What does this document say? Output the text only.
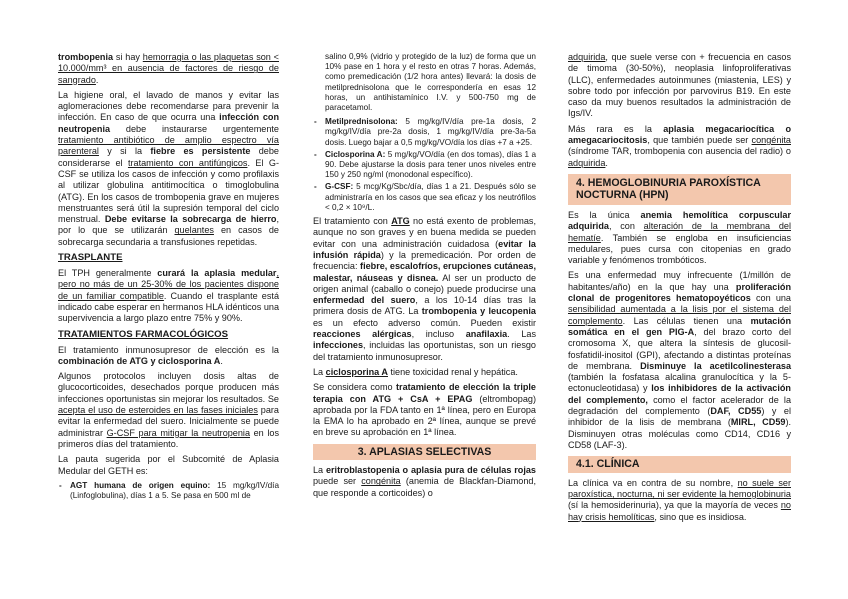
trombopenia si hay hemorragia o las plaquetas son < 10.000/mm³ en ausencia de factores de riesgo de sangrado.

La higiene oral, el lavado de manos y evitar las aglomeraciones debe recomendarse para prevenir la infección. En caso de que ocurra una infección con neutropenia debe instaurarse urgentemente tratamiento antibiótico de amplio espectro vía parenteral y si la fiebre es persistente debe considerarse el tratamiento con antifúngicos. El G-CSF se utiliza los casos de infección y como profilaxis al utilizar globulina antitimocítica o timoglobulina (ATG). En los casos de trombopenia grave en mujeres menstruantes será útil la supresión temporal del ciclo menstrual. Debe evitarse la sobrecarga de hierro, por lo que se utilizarán quelantes en casos de sobrecarga secundaria a transfusiones repetidas.

TRASPLANTE

El TPH generalmente curará la aplasia medular, pero no más de un 25-30% de los pacientes dispone de un familiar compatible. Cuando el trasplante está indicado cabe esperar en hermanos HLA idénticos una supervivencia a largo plazo entre 75% y 90%.

TRATAMIENTOS FARMACOLÓGICOS

El tratamiento inmunosupresor de elección es la combinación de ATG y ciclosporina A.

Algunos protocolos incluyen dosis altas de glucocorticoides, desechados porque producen más infecciones oportunistas sin mejorar los resultados. Se acepta el uso de esteroides en las fases iniciales para evitar la enfermedad del suero. Inicialmente se puede administrar G-CSF para mitigar la neutropenia en los primeros días del tratamiento.

La pauta sugerida por el Subcomité de Aplasia Medular del GETH es:

- AGT humana de origen equino: 15 mg/kg/IV/día (Linfoglobulina), días 1 a 5. Se pasa en 500 ml de

salino 0,9% (vidrio y protegido de la luz) de forma que un 10% pase en 1 hora y el resto en otras 7 horas. Además, como premedicación (1/2 hora antes) llevará: la dosis de metilprednisolona que le correspondería en esas 12 horas, un antihistamínico I.V. y 500-750 mg de paracetamol.

- Metilprednisolona: 5 mg/kg/IV/día pre-1a dosis, 2 mg/kg/IV/día pre-2a dosis, 1 mg/kg/IV/día pre-3a-5a dosis. Luego bajar a 0,5 mg/kg/VO/día los días +7 a +25.
- Ciclosporina A: 5 mg/kg/VO/día (en dos tomas), días 1 a 90. Debe ajustarse la dosis para tener unos niveles entre 150 y 250 ng/ml (monodonal específico).
- G-CSF: 5 mcg/Kg/Sbc/día, días 1 a 21. Después sólo se administraría en los casos que sea eficaz y los neutrófilos < 0,2 × 10⁹/L.

El tratamiento con ATG no está exento de problemas, aunque no son graves y en buena medida se pueden evitar con una administración cuidadosa (evitar la infusión rápida) y la premedicación. Por orden de frecuencia: fiebre, escalofríos, erupciones cutáneas, malestar, náuseas y disnea. Al ser un producto de origen animal (caballo o conejo) puede producirse una enfermedad del suero, a los 10-14 días tras la primera dosis de ATG. La trombopenia y leucopenia es un efecto adverso común. Pueden existir reacciones alérgicas, incluso anafilaxia. Las infecciones, incluidas las oportunistas, son un riesgo del tratamiento inmunosupresor.

La ciclosporina A tiene toxicidad renal y hepática.

Se considera como tratamiento de elección la triple terapia con ATG + CsA + EPAG (eltrombopag) aprobada por la FDA tanto en 1ª línea, pero en Europa la EMA lo ha aprobado en 2ª línea, aunque se prevé en breve su aprobación en 1ª línea.

3. APLASIAS SELECTIVAS

La eritroblastopenia o aplasia pura de células rojas puede ser congénita (anemia de Blackfan-Diamond, que responde a corticoides) o

adquirida, que suele verse con + frecuencia en casos de timoma (30-50%), neoplasia linfoproliferativas (LLC), enfermedades autoinmunes (miastenia, LES) y sobre todo por infección por parvovirus B19. En este caso da muy buenos resultados la administración de Igs/IV.

Más rara es la aplasia megacariocítica o amegacariocitosis, que también puede ser congénita (síndrome TAR, trombopenia con ausencia del radio) o adquirida.

4. HEMOGLOBINURIA PAROXÍSTICA NOCTURNA (HPN)

Es la única anemia hemolítica corpuscular adquirida, con alteración de la membrana del hematíe. También se engloba en insuficiencias medulares, pues cursa con citopenias en grado variable y fenómenos trombóticos.

Es una enfermedad muy infrecuente (1/millón de habitantes/año) en la que hay una proliferación clonal de progenitores hematopoyéticos con una sensibilidad aumentada a la lisis por el sistema del complemento. Las células tienen una mutación somática en el gen PIG-A, del brazo corto del cromosoma X, que altera la síntesis de glucosil-fosfatidil-inositol (GPI), afectando a distintas proteínas de membrana. Disminuye la acetilcolinesterasa (también la fosfatasa alcalina granulocítica y la 5-ectonucleotidasa) y los inhibidores de la activación del complemento, como el factor acelerador de la degradación del complemento (DAF, CD55) y el inhibidor de la lisis de membrana (MIRL, CD59). Disminuyen otras moléculas como CD14, CD16 y CD58 (LAF-3).

4.1. CLÍNICA

La clínica va en contra de su nombre, no suele ser paroxística, nocturna, ni ser evidente la hemoglobinuria (sí la hemosiderinuria), ya que la mayoría de veces no hay crisis hemolíticas, sino que es insidiosa.
